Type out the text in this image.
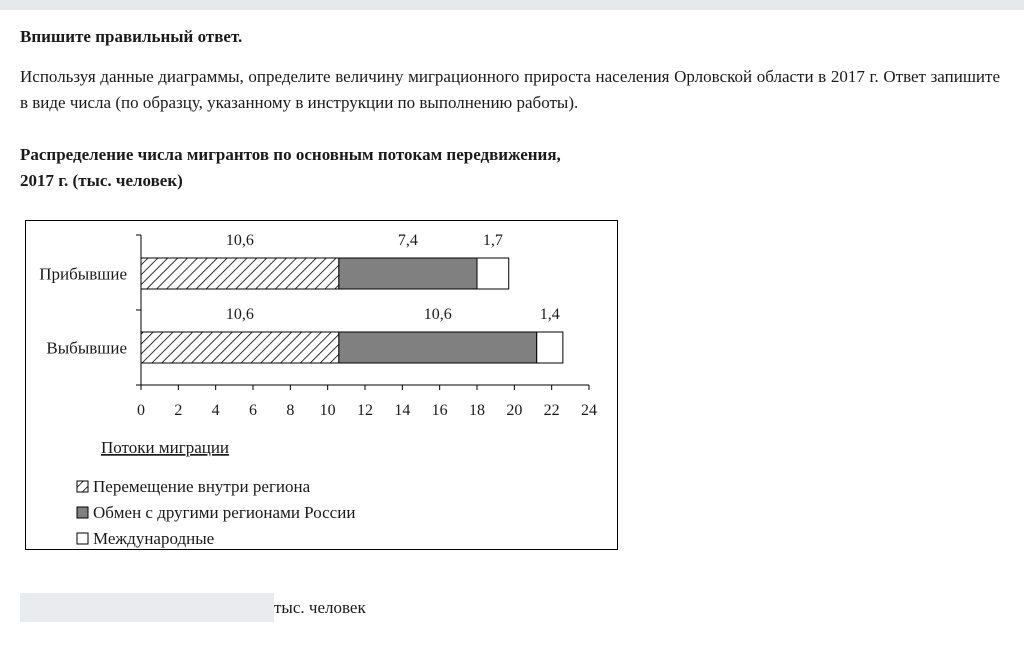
Впишите правильный ответ.

Используя данные диаграммы, определите величину миграционного прироста населения Орловской области в 2017 г. Ответ запишите в виде числа (по образцу, указанному в инструкции по выполнению работы).

Распределение числа мигрантов по основным потокам передвижения,
2017 г. (тыс. человек)

0 2 4 6 8 10 12 14 16 18 20 22 24
Прибывшие
10,6	7,4	1,7
Выбывшие
10,6	10,6	1,4
Потоки миграции
Перемещение внутри региона
Обмен с другими регионами России
Международные
тыс. человек
